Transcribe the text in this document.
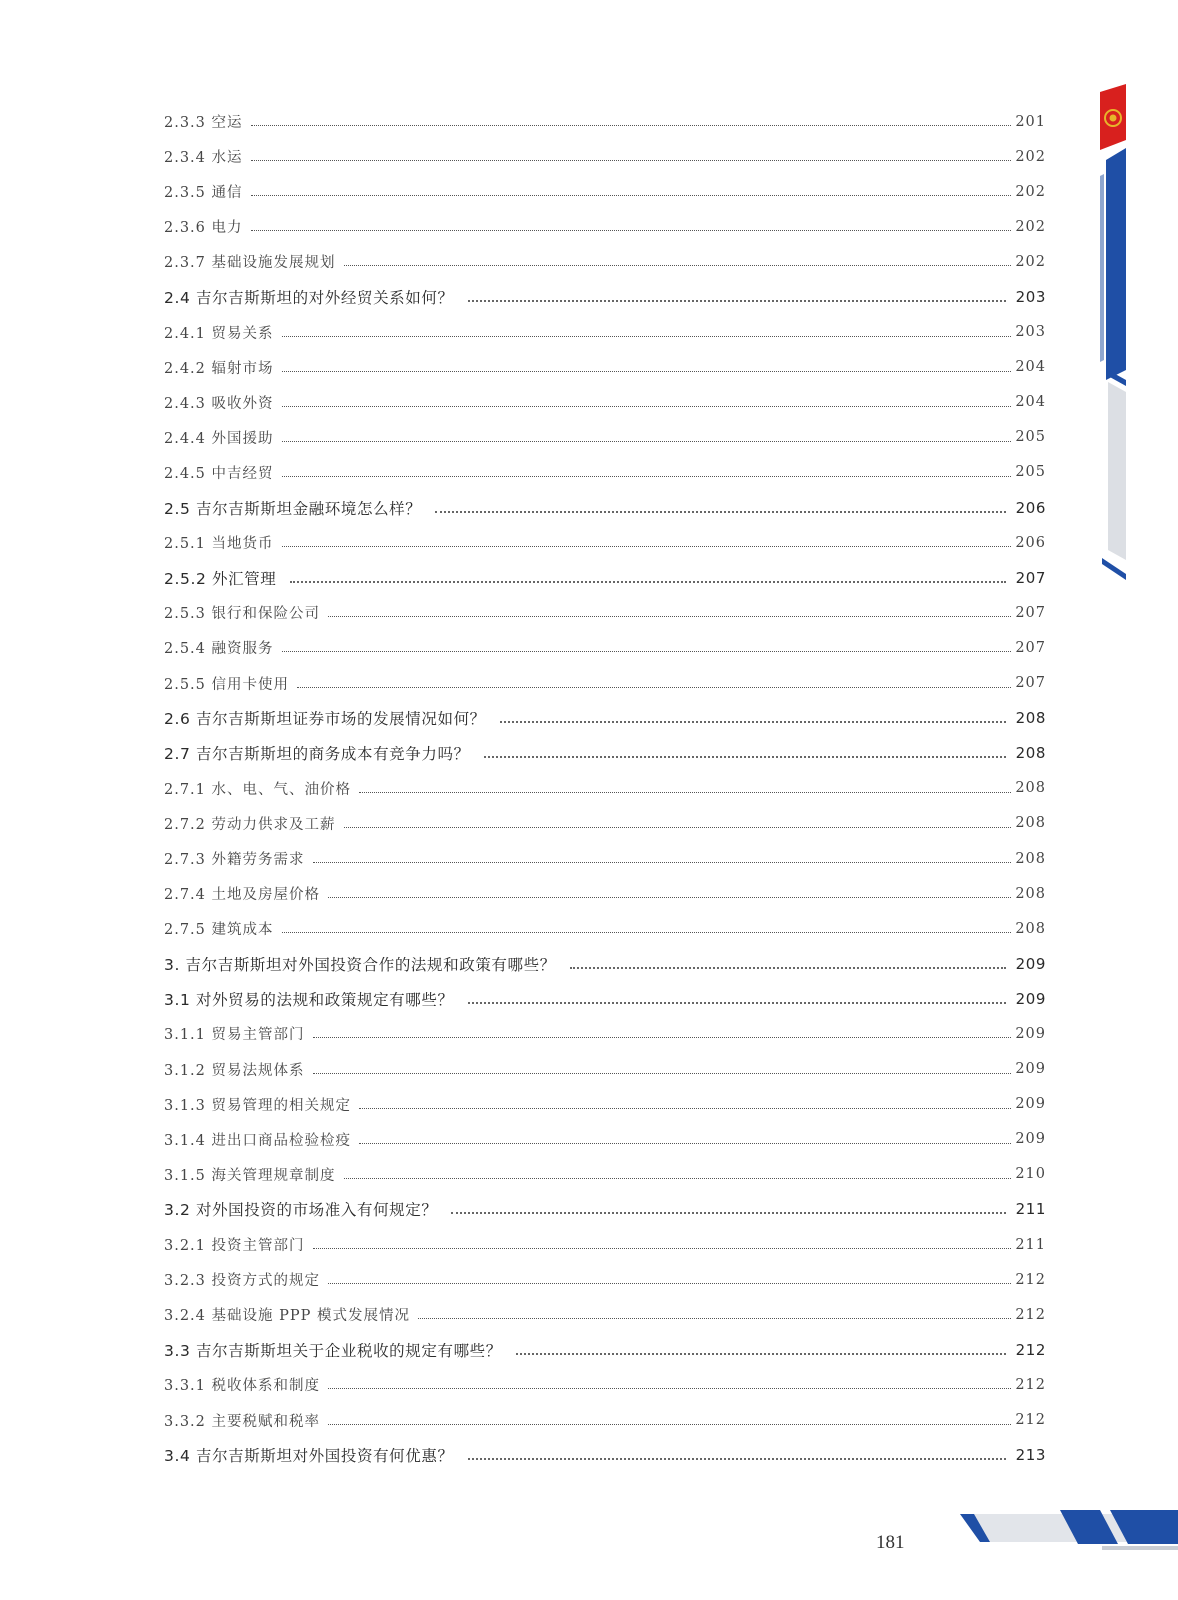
2.3.3 空运	201
2.3.4 水运	202
2.3.5 通信	202
2.3.6 电力	202
2.3.7 基础设施发展规划	202
2.4 吉尔吉斯斯坦的对外经贸关系如何？	203
2.4.1 贸易关系	203
2.4.2 辐射市场	204
2.4.3 吸收外资	204
2.4.4 外国援助	205
2.4.5 中吉经贸	205
2.5 吉尔吉斯斯坦金融环境怎么样？	206
2.5.1 当地货币	206
2.5.2 外汇管理	207
2.5.3 银行和保险公司	207
2.5.4 融资服务	207
2.5.5 信用卡使用	207
2.6 吉尔吉斯斯坦证券市场的发展情况如何？	208
2.7 吉尔吉斯斯坦的商务成本有竞争力吗？	208
2.7.1 水、电、气、油价格	208
2.7.2 劳动力供求及工薪	208
2.7.3 外籍劳务需求	208
2.7.4 土地及房屋价格	208
2.7.5 建筑成本	208
3. 吉尔吉斯斯坦对外国投资合作的法规和政策有哪些？	209
3.1 对外贸易的法规和政策规定有哪些？	209
3.1.1 贸易主管部门	209
3.1.2 贸易法规体系	209
3.1.3 贸易管理的相关规定	209
3.1.4 进出口商品检验检疫	209
3.1.5 海关管理规章制度	210
3.2 对外国投资的市场准入有何规定？	211
3.2.1 投资主管部门	211
3.2.3 投资方式的规定	212
3.2.4 基础设施 PPP 模式发展情况	212
3.3 吉尔吉斯斯坦关于企业税收的规定有哪些？	212
3.3.1 税收体系和制度	212
3.3.2 主要税赋和税率	212
3.4 吉尔吉斯斯坦对外国投资有何优惠？	213
181
